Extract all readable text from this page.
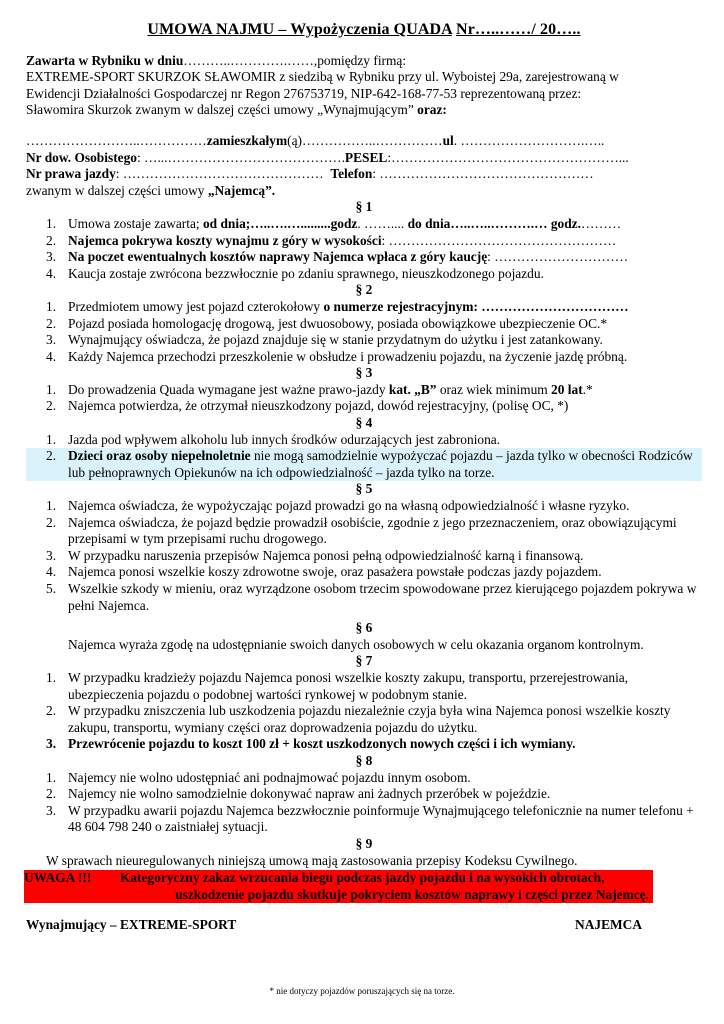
UMOWA NAJMU – Wypożyczenia QUADA Nr…..……/ 20…..

Zawarta w Rybniku w dniu………..………….……,pomiędzy firmą:

EXTREME-SPORT SKURZOK SŁAWOMIR z siedzibą w Rybniku przy ul. Wyboistej 29a, zarejestrowaną w

Ewidencji Działalności Gospodarczej nr Regon 276753719, NIP-642-168-77-53 reprezentowaną przez:

Sławomira Skurzok zwanym w dalszej części umowy „Wynajmującym” oraz:

……………………..……………zamieszkałym(ą)……………..……………ul. ……………………….…..

Nr dow. Osobistego: …...………………………………….PESEL:……………………………………………...

Nr prawa jazdy: ……………………………………… Telefon: …………………………………………

zwanym w dalszej części umowy „Najemcą”.

§ 1

1. Umowa zostaje zawarta; od dnia;…..….….........godz. …….... do dnia…..…..……….… godz.………
2. Najemca pokrywa koszty wynajmu z góry w wysokości: ……………………………………………
3. Na poczet ewentualnych kosztów naprawy Najemca wpłaca z góry kaucję: …………………………
4. Kaucja zostaje zwrócona bezzwłocznie po zdaniu sprawnego, nieuszkodzonego pojazdu.

§ 2

1. Przedmiotem umowy jest pojazd czterokołowy o numerze rejestracyjnym: ……………………………
2. Pojazd posiada homologację drogową, jest dwuosobowy, posiada obowiązkowe ubezpieczenie OC.*
3. Wynajmujący oświadcza, że pojazd znajduje się w stanie przydatnym do użytku i jest zatankowany.
4. Każdy Najemca przechodzi przeszkolenie w obsłudze i prowadzeniu pojazdu, na życzenie jazdę próbną.

§ 3

1. Do prowadzenia Quada wymagane jest ważne prawo-jazdy kat. „B” oraz wiek minimum 20 lat.*
2. Najemca potwierdza, że otrzymał nieuszkodzony pojazd, dowód rejestracyjny, (polisę OC, *)

§ 4

1. Jazda pod wpływem alkoholu lub innych środków odurzających jest zabroniona.
2. Dzieci oraz osoby niepełnoletnie nie mogą samodzielnie wypożyczać pojazdu – jazda tylko w obecności Rodziców lub pełnoprawnych Opiekunów na ich odpowiedzialność – jazda tylko na torze.

§ 5

1. Najemca oświadcza, że wypożyczając pojazd prowadzi go na własną odpowiedzialność i własne ryzyko.
2. Najemca oświadcza, że pojazd będzie prowadził osobiście, zgodnie z jego przeznaczeniem, oraz obowiązującymi przepisami w tym przepisami ruchu drogowego.
3. W przypadku naruszenia przepisów Najemca ponosi pełną odpowiedzialność karną i finansową.
4. Najemca ponosi wszelkie koszy zdrowotne swoje, oraz pasażera powstałe podczas jazdy pojazdem.
5. Wszelkie szkody w mieniu, oraz wyrządzone osobom trzecim spowodowane przez kierującego pojazdem pokrywa w pełni Najemca.

§ 6

Najemca wyraża zgodę na udostępnianie swoich danych osobowych w celu okazania organom kontrolnym.

§ 7

1. W przypadku kradzieży pojazdu Najemca ponosi wszelkie koszty zakupu, transportu, przerejestrowania, ubezpieczenia pojazdu o podobnej wartości rynkowej w podobnym stanie.
2. W przypadku zniszczenia lub uszkodzenia pojazdu niezależnie czyja była wina Najemca ponosi wszelkie koszty zakupu, transportu, wymiany części oraz doprowadzenia pojazdu do użytku.
3. Przewrócenie pojazdu to koszt 100 zł + koszt uszkodzonych nowych części i ich wymiany.

§ 8

1. Najemcy nie wolno udostępniać ani podnajmować pojazdu innym osobom.
2. Najemcy nie wolno samodzielnie dokonywać napraw ani żadnych przeróbek w pojeździe.
3. W przypadku awarii pojazdu Najemca bezzwłocznie poinformuje Wynajmującego telefonicznie na numer telefonu + 48 604 798 240 o zaistniałej sytuacji.

§ 9

W sprawach nieuregulowanych niniejszą umową mają zastosowania przepisy Kodeksu Cywilnego.

UWAGA !!!	Kategoryczny zakaz wrzucania biegu podczas jazdy pojazdu i na wysokich obrotach,
uszkodzenie pojazdu skutkuje pokryciem kosztów naprawy i części przez Najemcę.
Wynajmujący – EXTREME-SPORT	NAJEMCA
* nie dotyczy pojazdów poruszających się na torze.
